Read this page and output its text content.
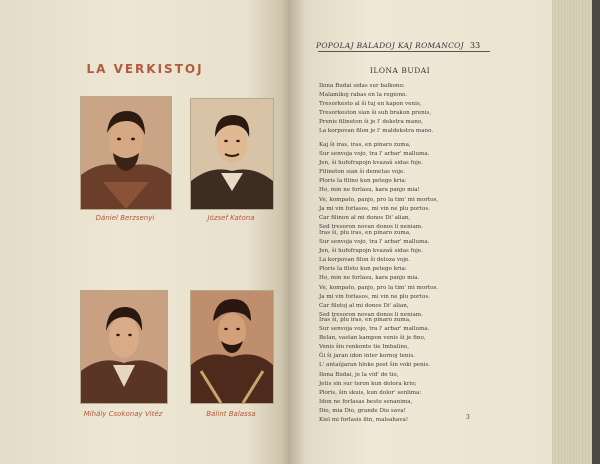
LA VERKISTOJ
Dániel Berzsenyi	József Katona
Mihály Csokonay Vitéz	Bálint Balassa
POPOLAJ BALADOJ KAJ ROMANCOJ 33
ILONA BUDAI
Ilona Budai sidas sur balkono:
Malamikoj rabas en la regiono.
Tresorkesto al ŝi tuj en kapon venis,
Tresorkeston sian ŝi sub brakon prenis,
Prenis filineton ŝi je l' dekstra mano,
La korpovan filon je l' maldekstra mano.
Kaj ŝi iras, iras, en pinaro zuma,
Sur senvoja vojo, tra l' arbar' malluma.
Jen, ŝi hufofrapojn kvazaŭ sidas foje.
Filineton sian ŝi demetas voje.
Ploris la filino kun petego kria:
Ho, min ne forlasu, kara panjo mia!
Ve, kompato, panjo, pro la tim' mi mortos,
Ja mi vin forlasos, mi vin ne plu portos.
Car filinon al mi donos Di' alian,
Sed tresoron novan donos li neniam.
Iras ŝi, plu iras, en pinaro zuma,
Sur senvoja vojo, tra l' arbar' malluma.
Jen, ŝi hufofrapojn kvazaŭ sidas foje.
La korpovan filon ŝi deloza voje.
Ploris la fileto kun petego kria:
Ho, min ne forlasu, kara panjo mia.
Ve, kompato, panjo, pro la tim' mi mortos.
Ja mi vin forlasos, mi vin ne plu portos.
Car filetoj al mi donos Di' alian,
Sed tresoron novan donos li neniam.
Iras ŝi, plu iras, en pinaro zuma,
Sur senvoja vojo, tra l' arbar' malluma.
Belan, vastan kampon venis ŝi je fino,
Venis ŝin renkonte tie Imbalino,
Ĝi ŝi jaran idon inter kornoj tenis.
L' antaŭjaran hloke post ŝin voki penis.
Ilona Budai, je la vid' de tio,
Jetis sin sur teron kun dolora krio;
Ploris, ŝin skuis, kun dolor' senlima:
Idon ne forlasas besto senanima,
Dio, mia Dio, grande Dio sava!
Kiel mi forlasis ilin, malsahava!	3
